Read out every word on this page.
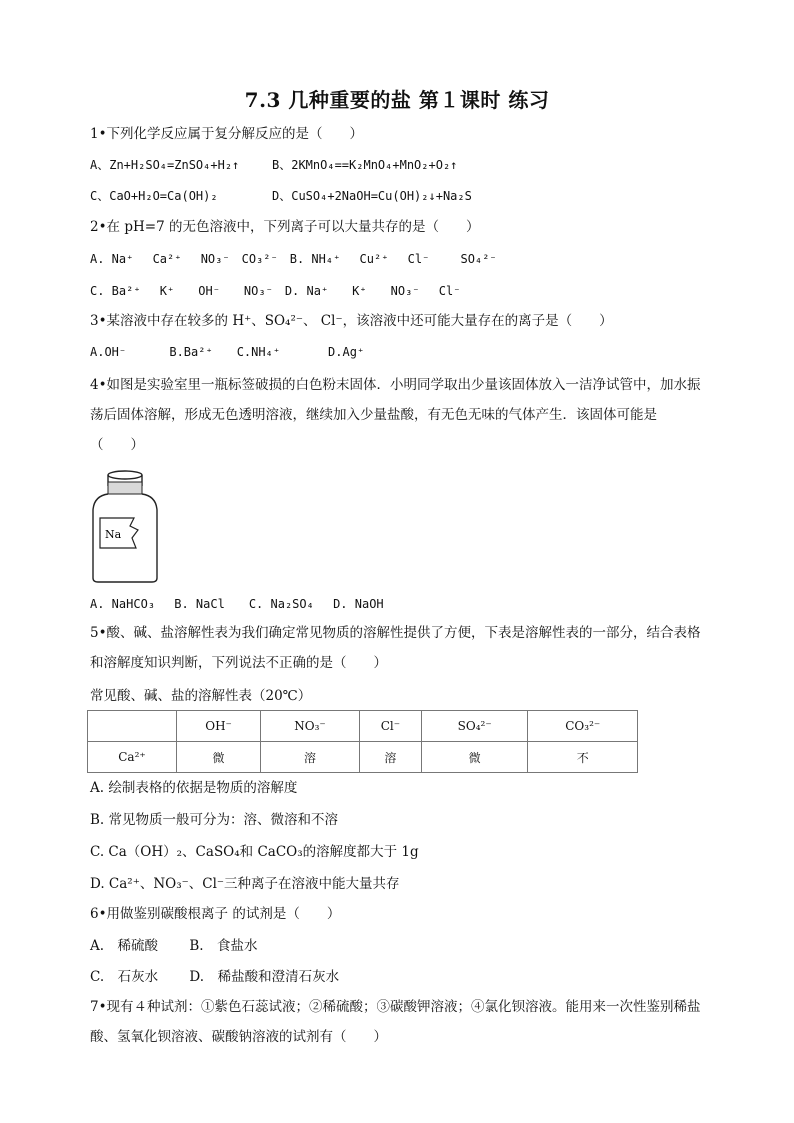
7.3 几种重要的盐 第１课时 练习
1•下列化学反应属于复分解反应的是（　　）
A、Zn+H₂SO₄=ZnSO₄+H₂↑	B、2KMnO₄==K₂MnO₄+MnO₂+O₂↑
C、CaO+H₂O=Ca(OH)₂	D、CuSO₄+2NaOH=Cu(OH)₂↓+Na₂S
2•在 pH=7 的无色溶液中，下列离子可以大量共存的是（　　）
A. Na⁺　 Ca²⁺　 NO₃⁻　CO₃²⁻　B. NH₄⁺　 Cu²⁺　 Cl⁻　　 SO₄²⁻
C. Ba²⁺　 K⁺　　OH⁻　　NO₃⁻　D. Na⁺　　K⁺　　NO₃⁻　 Cl⁻
3•某溶液中存在较多的 H⁺、SO₄²⁻、 Cl⁻，该溶液中还可能大量存在的离子是（　　）
A.OH⁻　　　 B.Ba²⁺　　C.NH₄⁺　　　　D.Ag⁺
4•如图是实验室里一瓶标签破损的白色粉末固体．小明同学取出少量该固体放入一洁净试管中，加水振荡后固体溶解，形成无色透明溶液，继续加入少量盐酸，有无色无味的气体产生．该固体可能是（　　）
Na
A. NaHCO₃　 B. NaCl　　C. Na₂SO₄　 D. NaOH
5•酸、碱、盐溶解性表为我们确定常见物质的溶解性提供了方便，下表是溶解性表的一部分，结合表格和溶解度知识判断，下列说法不正确的是（　　）
常见酸、碱、盐的溶解性表（20℃）
	OH⁻	NO₃⁻	Cl⁻	SO₄²⁻	CO₃²⁻
Ca²⁺	微	溶	溶	微	不
A. 绘制表格的依据是物质的溶解度
B. 常见物质一般可分为：溶、微溶和不溶
C. Ca（OH）₂、CaSO₄和 CaCO₃的溶解度都大于 1g
D. Ca²⁺、NO₃⁻、Cl⁻三种离子在溶液中能大量共存
6•用做鉴别碳酸根离子 的试剂是（　　）
A.　稀硫酸　　 B.　食盐水
C.　石灰水　　 D.　稀盐酸和澄清石灰水
7•现有４种试剂：①紫色石蕊试液；②稀硫酸；③碳酸钾溶液；④氯化钡溶液。能用来一次性鉴别稀盐酸、氢氧化钡溶液、碳酸钠溶液的试剂有（　　）
